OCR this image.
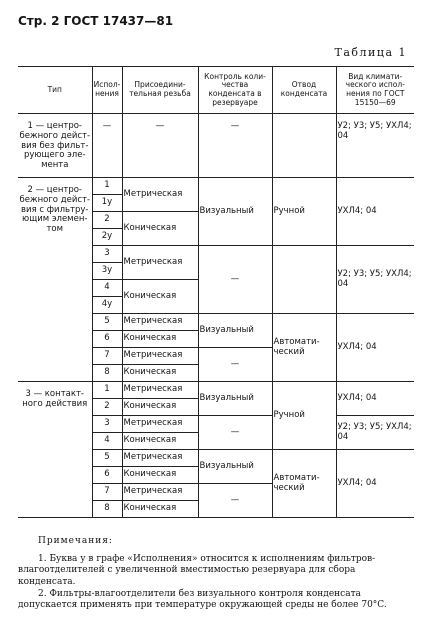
Стр. 2 ГОСТ 17437—81
Таблица 1
Тип	Испол-нения	Присоедини-тельная резьба	Контроль коли-чества конденсата в резервуаре	Отвод конденсата	Вид климати-ческого испол-нения по ГОСТ 15150—69
1 — центро-бежного дейст-вия без фильт-рующего эле-мента	—	—	—		У2; У3; У5; УХЛ4; 04
2 — центро-бежного дейст-вия с фильтру-ющим элемен-том	1	Метрическая	Визуальный	Ручной	УХЛ4; 04
	1у				
	2	Коническая			
	2у				
	3	Метрическая	—		У2; У3; У5; УХЛ4; 04
	3у				
	4	Коническая			
	4у				
	5	Метрическая	Визуальный	Автомати-ческий	УХЛ4; 04
	6	Коническая			
	7	Метрическая	—		
	8	Коническая			
3 — контакт-ного действия	1	Метрическая	Визуальный	Ручной	УХЛ4; 04
	2	Коническая			
	3	Метрическая	—		У2; У3; У5; УХЛ4; 04
	4	Коническая			
	5	Метрическая	Визуальный	Автомати-ческий	УХЛ4; 04
	6	Коническая			
	7	Метрическая	—		
	8	Коническая			
Примечания:

1. Буква у в графе «Исполнения» относится к исполнениям фильтров-влагоотделителей с увеличенной вместимостью резервуара для сбора конденсата.

2. Фильтры-влагоотделители без визуального контроля конденсата допускается применять при температуре окружающей среды не более 70°C.
